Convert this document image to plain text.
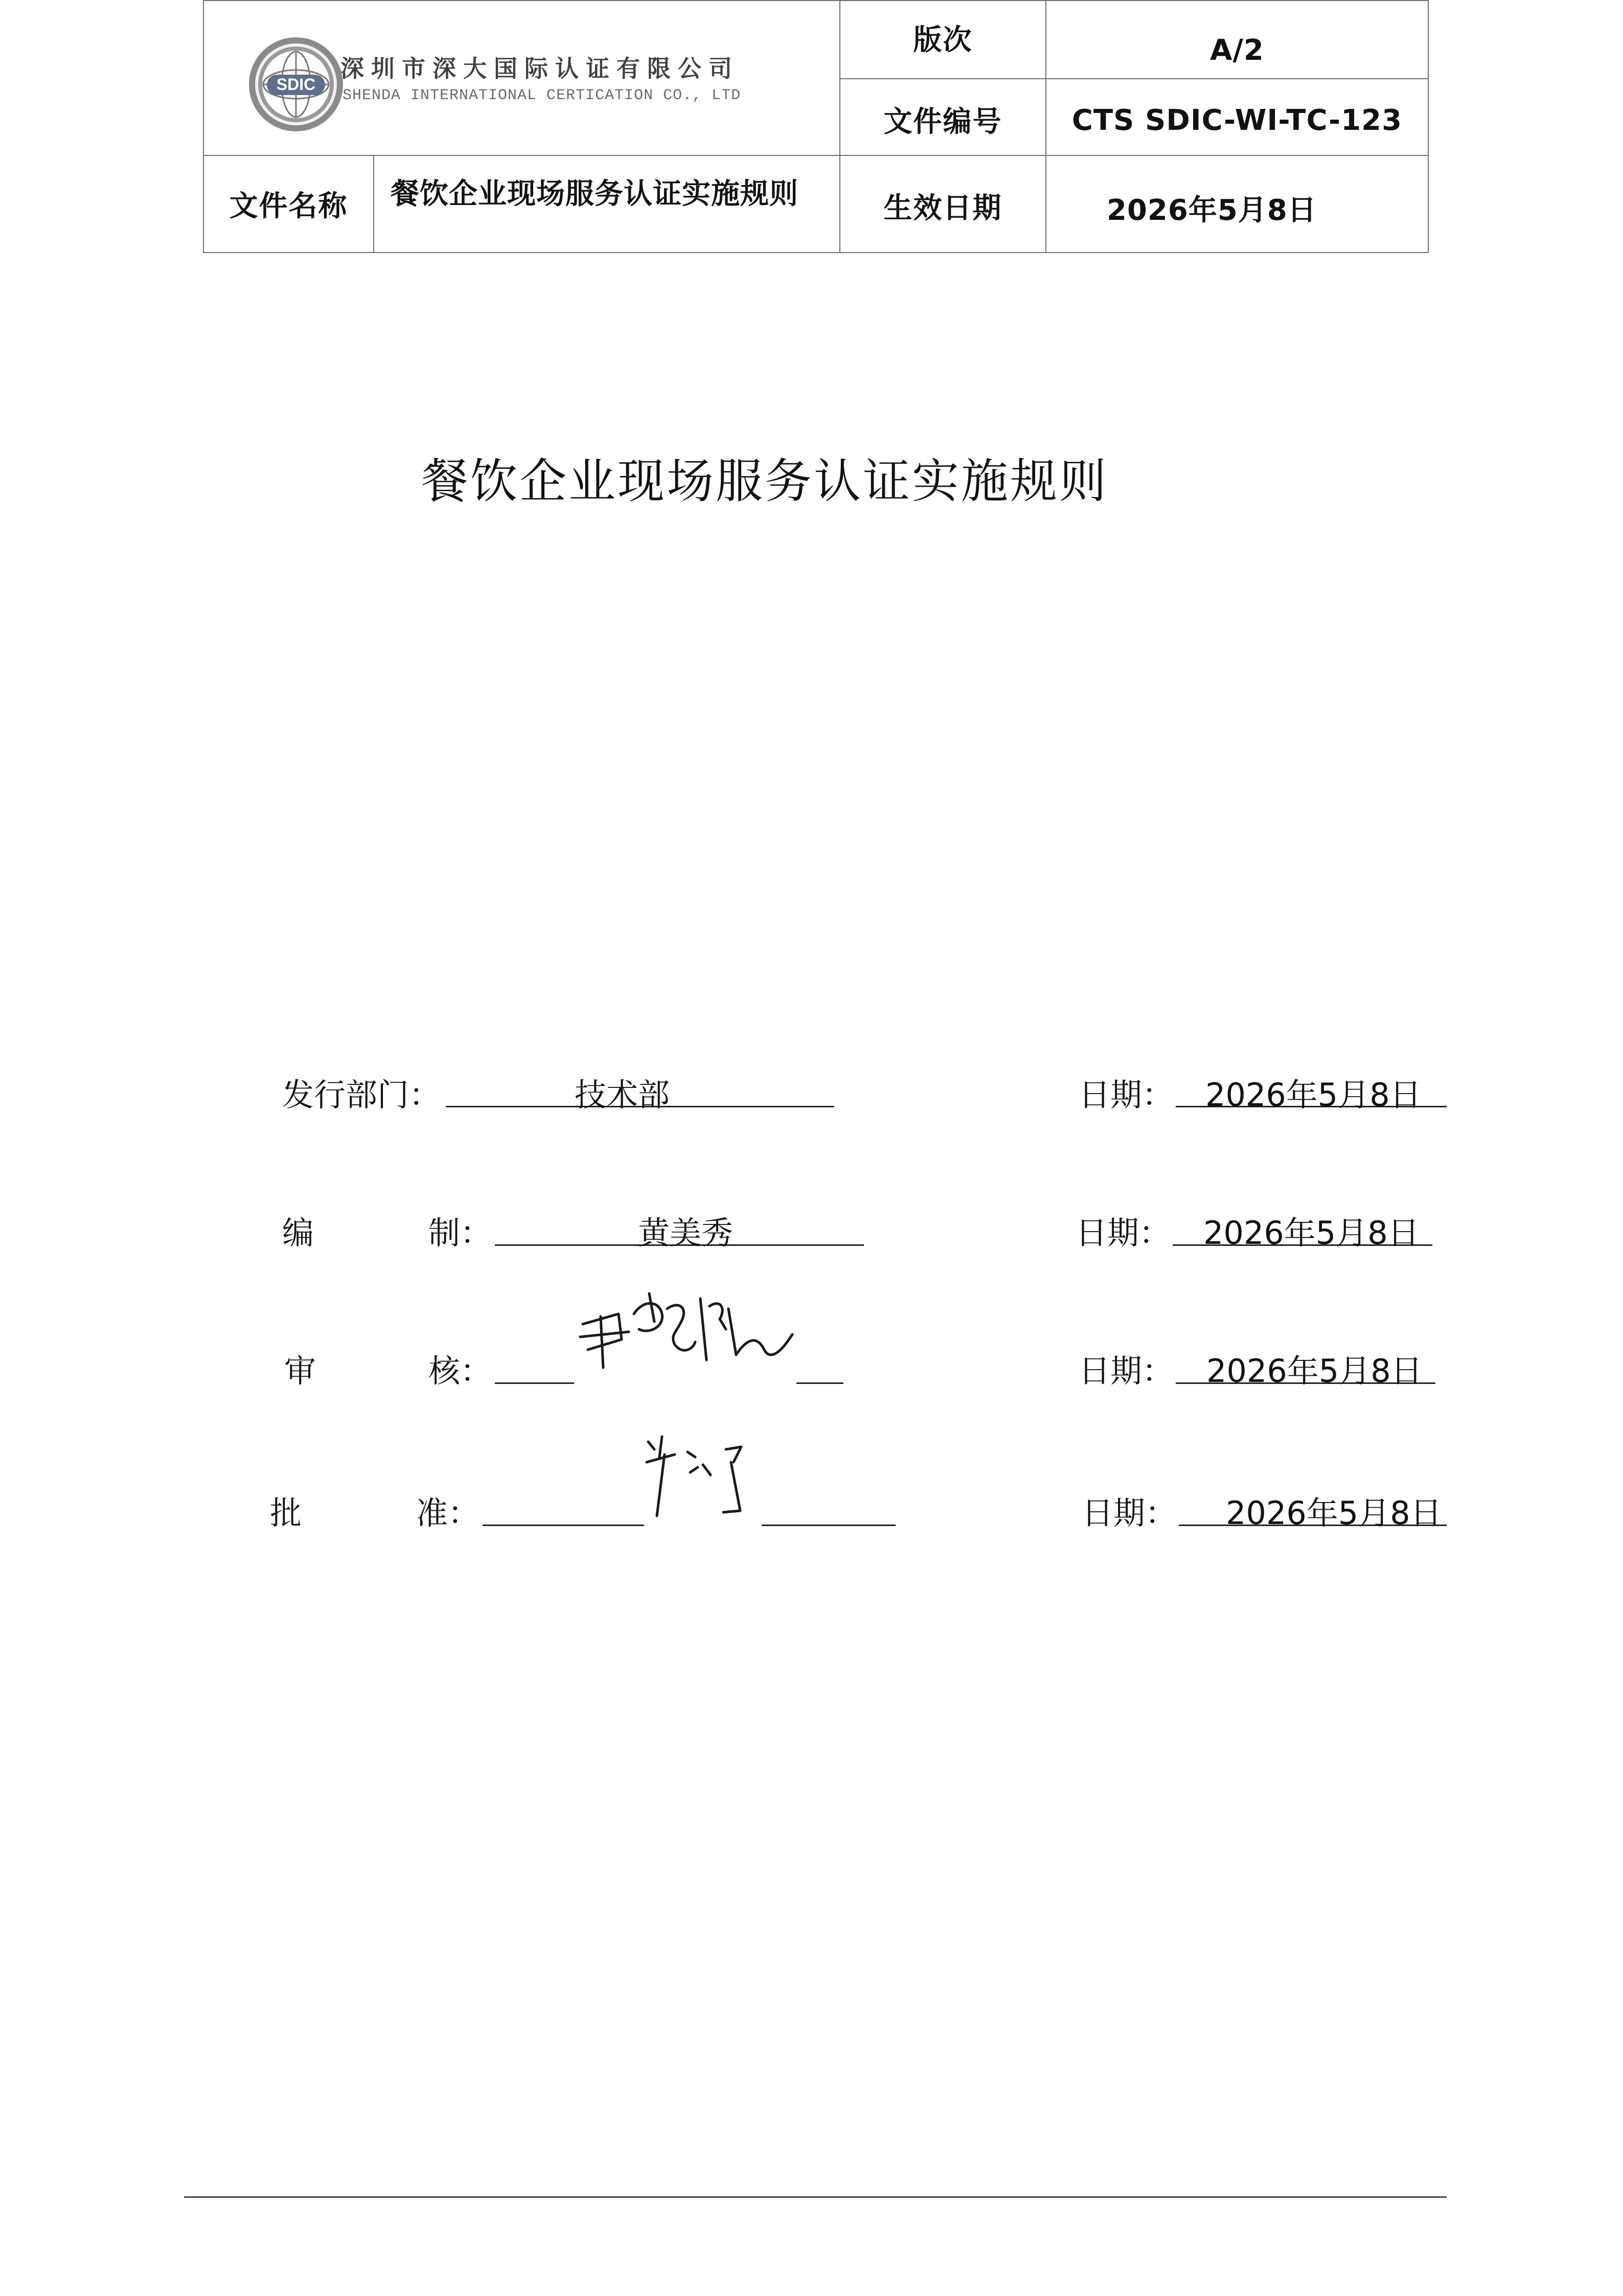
SDIC
深圳市深大国际认证有限公司
SHENDA INTERNATIONAL CERTICATION CO., LTD
版次	A/2
文件编号 CTS SDIC-WI-TC-123
文件名称 餐饮企业现场服务认证实施规则	生效日期	2026年5月8日
餐饮企业现场服务认证实施规则
发行部门：	技术部	日期： 2026年5月8日
编	制：	黄美秀	日期： 2026年5月8日
审	核：	日期： 2026年5月8日
批	准：	日期： 2026年5月8日
